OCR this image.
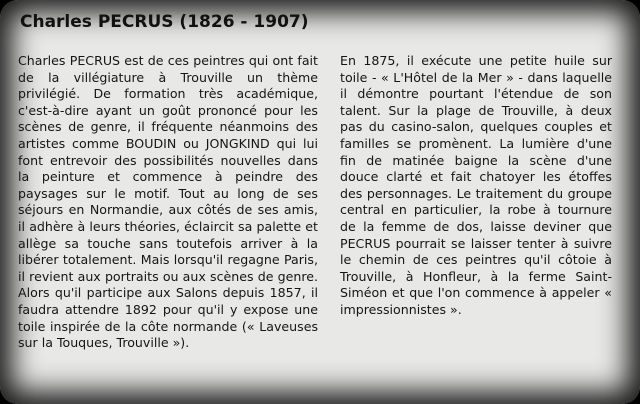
Charles PECRUS (1826 - 1907)

Charles PECRUS est de ces peintres qui ont fait de la villégiature à Trouville un thème privilégié. De formation très académique, c'est-à-dire ayant un goût prononcé pour les scènes de genre, il fréquente néanmoins des artistes comme BOUDIN ou JONGKIND qui lui font entrevoir des possibilités nouvelles dans la peinture et commence à peindre des paysages sur le motif. Tout au long de ses séjours en Normandie, aux côtés de ses amis, il adhère à leurs théories, éclaircit sa palette et allège sa touche sans toutefois arriver à la libérer totalement. Mais lorsqu'il regagne Paris, il revient aux portraits ou aux scènes de genre. Alors qu'il participe aux Salons depuis 1857, il faudra attendre 1892 pour qu'il y expose une toile inspirée de la côte normande (« Laveuses sur la Touques, Trouville »).

En 1875, il exécute une petite huile sur toile - « L'Hôtel de la Mer » - dans laquelle il démontre pourtant l'étendue de son talent. Sur la plage de Trouville, à deux pas du casino-salon, quelques couples et familles se promènent. La lumière d'une fin de matinée baigne la scène d'une douce clarté et fait chatoyer les étoffes des personnages. Le traitement du groupe central en particulier, la robe à tournure de la femme de dos, laisse deviner que PECRUS pourrait se laisser tenter à suivre le chemin de ces peintres qu'il côtoie à Trouville, à Honfleur, à la ferme Saint-Siméon et que l'on commence à appeler « impressionnistes ».
